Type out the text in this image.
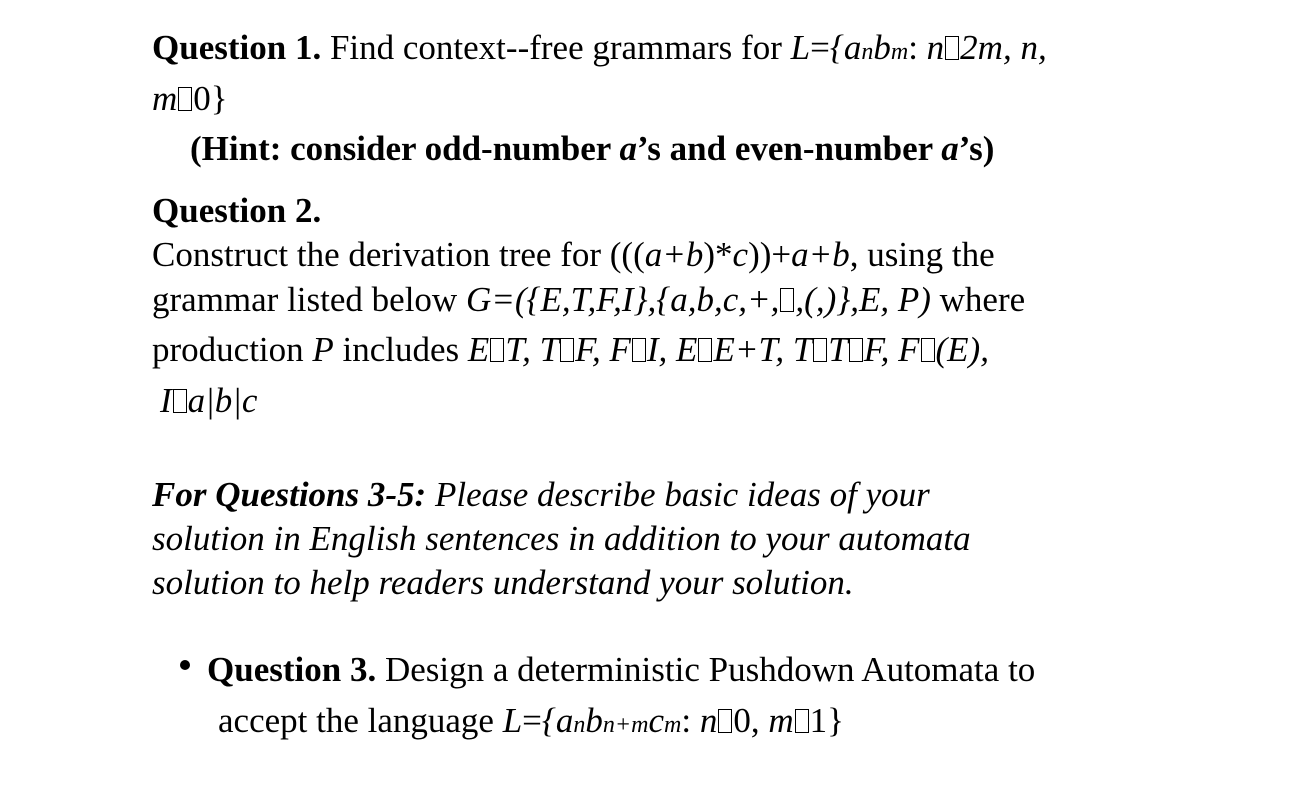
Question 1. Find context--free grammars for L={anbm: n 2m, n,
m 0}
(Hint: consider odd-number a’s and even-number a’s)
Question 2.
Construct the derivation tree for (((a+b)*c))+a+b, using the
grammar listed below G=({E,T,F,I},{a,b,c,+, ,(,)},E, P) where
production P includes E T, T F, F I, E E+T, T T F, F (E),
I a|b|c
For Questions 3-5: Please describe basic ideas of your
solution in English sentences in addition to your automata
solution to help readers understand your solution.
Question 3. Design a deterministic Pushdown Automata to
accept the language L={anbn+mcm: n 0, m 1}
